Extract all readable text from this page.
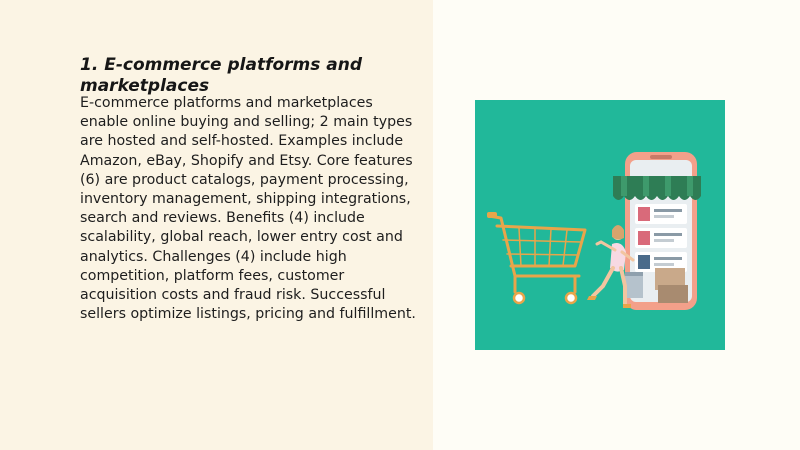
1. E-commerce platforms and marketplaces

E-commerce platforms and marketplaces enable online buying and selling; 2 main types are hosted and self-hosted. Examples include Amazon, eBay, Shopify and Etsy. Core features (6) are product catalogs, payment processing, inventory management, shipping integrations, search and reviews. Benefits (4) include scalability, global reach, lower entry cost and analytics. Challenges (4) include high competition, platform fees, customer acquisition costs and fraud risk. Successful sellers optimize listings, pricing and fulfillment.
